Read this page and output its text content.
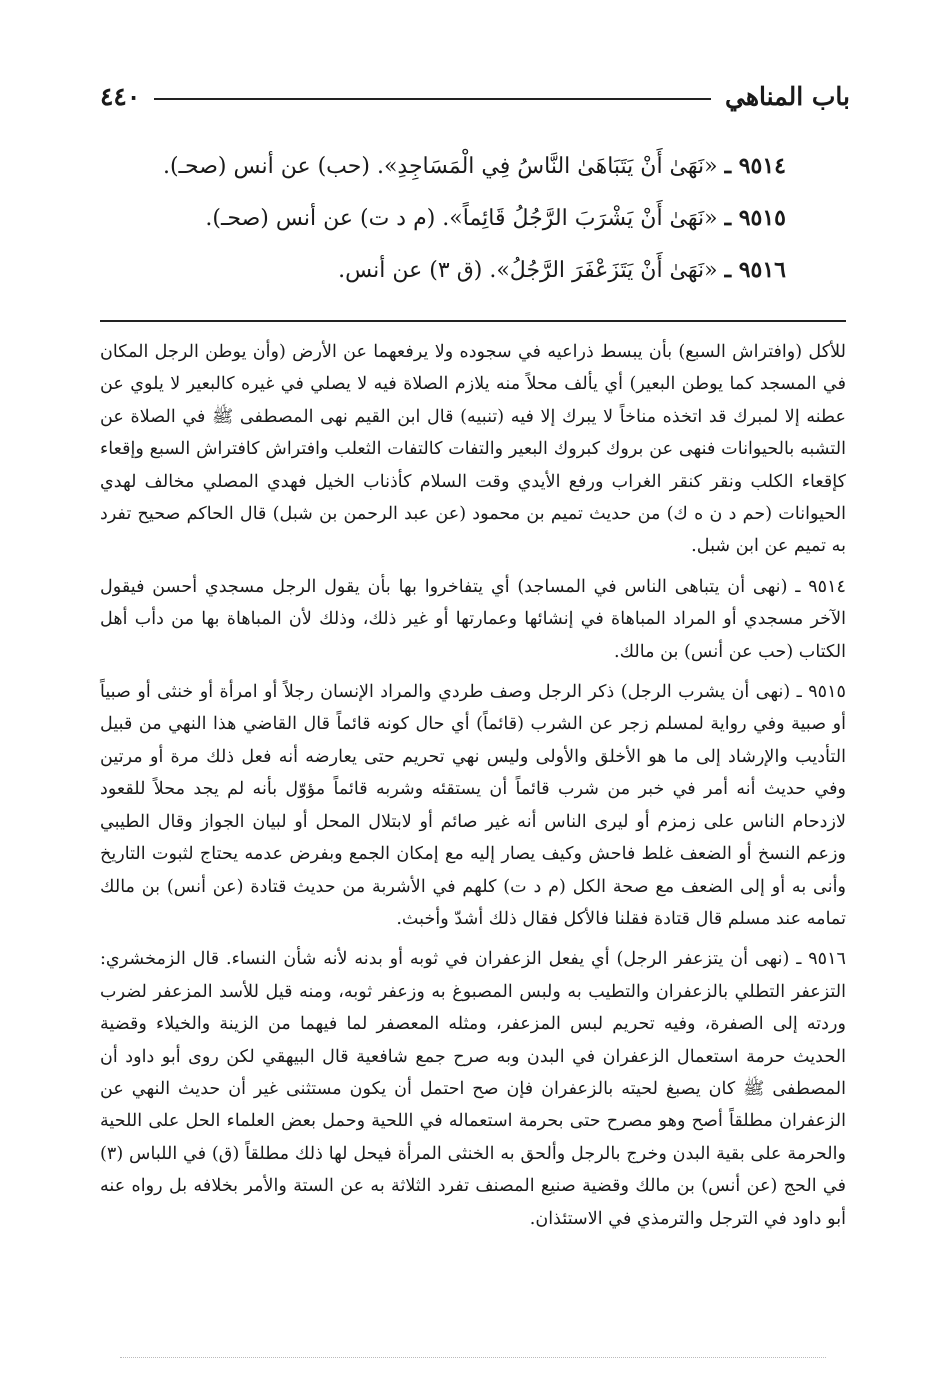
باب المناهي
٤٤٠
٩٥١٤ ـ «نَهَىٰ أَنْ يَتَبَاهَىٰ النَّاسُ فِي الْمَسَاجِدِ». (حب) عن أنس (صحـ).
٩٥١٥ ـ «نَهَىٰ أَنْ يَشْرَبَ الرَّجُلُ قَائِماً». (م د ت) عن أنس (صحـ).
٩٥١٦ ـ «نَهَىٰ أَنْ يَتَزَعْفَرَ الرَّجُلُ». (ق ٣) عن أنس.

للأكل (وافتراش السبع) بأن يبسط ذراعيه في سجوده ولا يرفعهما عن الأرض (وأن يوطن الرجل المكان في المسجد كما يوطن البعير) أي يألف محلاً منه يلازم الصلاة فيه لا يصلي في غيره كالبعير لا يلوي عن عطنه إلا لمبرك قد اتخذه مناخاً لا يبرك إلا فيه (تنبيه) قال ابن القيم نهى المصطفى ﷺ في الصلاة عن التشبه بالحيوانات فنهى عن بروك كبروك البعير والتفات كالتفات الثعلب وافتراش كافتراش السبع وإقعاء كإقعاء الكلب ونقر كنقر الغراب ورفع الأيدي وقت السلام كأذناب الخيل فهدي المصلي مخالف لهدي الحيوانات (حم د ن ه ك) من حديث تميم بن محمود (عن عبد الرحمن بن شبل) قال الحاكم صحيح تفرد به تميم عن ابن شبل.

٩٥١٤ ـ (نهى أن يتباهى الناس في المساجد) أي يتفاخروا بها بأن يقول الرجل مسجدي أحسن فيقول الآخر مسجدي أو المراد المباهاة في إنشائها وعمارتها أو غير ذلك، وذلك لأن المباهاة بها من دأب أهل الكتاب (حب عن أنس) بن مالك.

٩٥١٥ ـ (نهى أن يشرب الرجل) ذكر الرجل وصف طردي والمراد الإنسان رجلاً أو امرأة أو خنثى أو صبياً أو صبية وفي رواية لمسلم زجر عن الشرب (قائماً) أي حال كونه قائماً قال القاضي هذا النهي من قبيل التأديب والإرشاد إلى ما هو الأخلق والأولى وليس نهي تحريم حتى يعارضه أنه فعل ذلك مرة أو مرتين وفي حديث أنه أمر في خبر من شرب قائماً أن يستقئه وشربه قائماً مؤوّل بأنه لم يجد محلاً للقعود لازدحام الناس على زمزم أو ليرى الناس أنه غير صائم أو لابتلال المحل أو لبيان الجواز وقال الطيبي وزعم النسخ أو الضعف غلط فاحش وكيف يصار إليه مع إمكان الجمع وبفرض عدمه يحتاج لثبوت التاريخ وأنى به أو إلى الضعف مع صحة الكل (م د ت) كلهم في الأشربة من حديث قتادة (عن أنس) بن مالك تمامه عند مسلم قال قتادة فقلنا فالأكل فقال ذلك أشدّ وأخبث.

٩٥١٦ ـ (نهى أن يتزعفر الرجل) أي يفعل الزعفران في ثوبه أو بدنه لأنه شأن النساء. قال الزمخشري: التزعفر التطلي بالزعفران والتطيب به ولبس المصبوغ به وزعفر ثوبه، ومنه قيل للأسد المزعفر لضرب وردته إلى الصفرة، وفيه تحريم لبس المزعفر، ومثله المعصفر لما فيهما من الزينة والخيلاء وقضية الحديث حرمة استعمال الزعفران في البدن وبه صرح جمع شافعية قال البيهقي لكن روى أبو داود أن المصطفى ﷺ كان يصبغ لحيته بالزعفران فإن صح احتمل أن يكون مستثنى غير أن حديث النهي عن الزعفران مطلقاً أصح وهو مصرح حتى بحرمة استعماله في اللحية وحمل بعض العلماء الحل على اللحية والحرمة على بقية البدن وخرج بالرجل وألحق به الخنثى المرأة فيحل لها ذلك مطلقاً (ق) في اللباس (٣) في الحج (عن أنس) بن مالك وقضية صنيع المصنف تفرد الثلاثة به عن الستة والأمر بخلافه بل رواه عنه أبو داود في الترجل والترمذي في الاستئذان.
